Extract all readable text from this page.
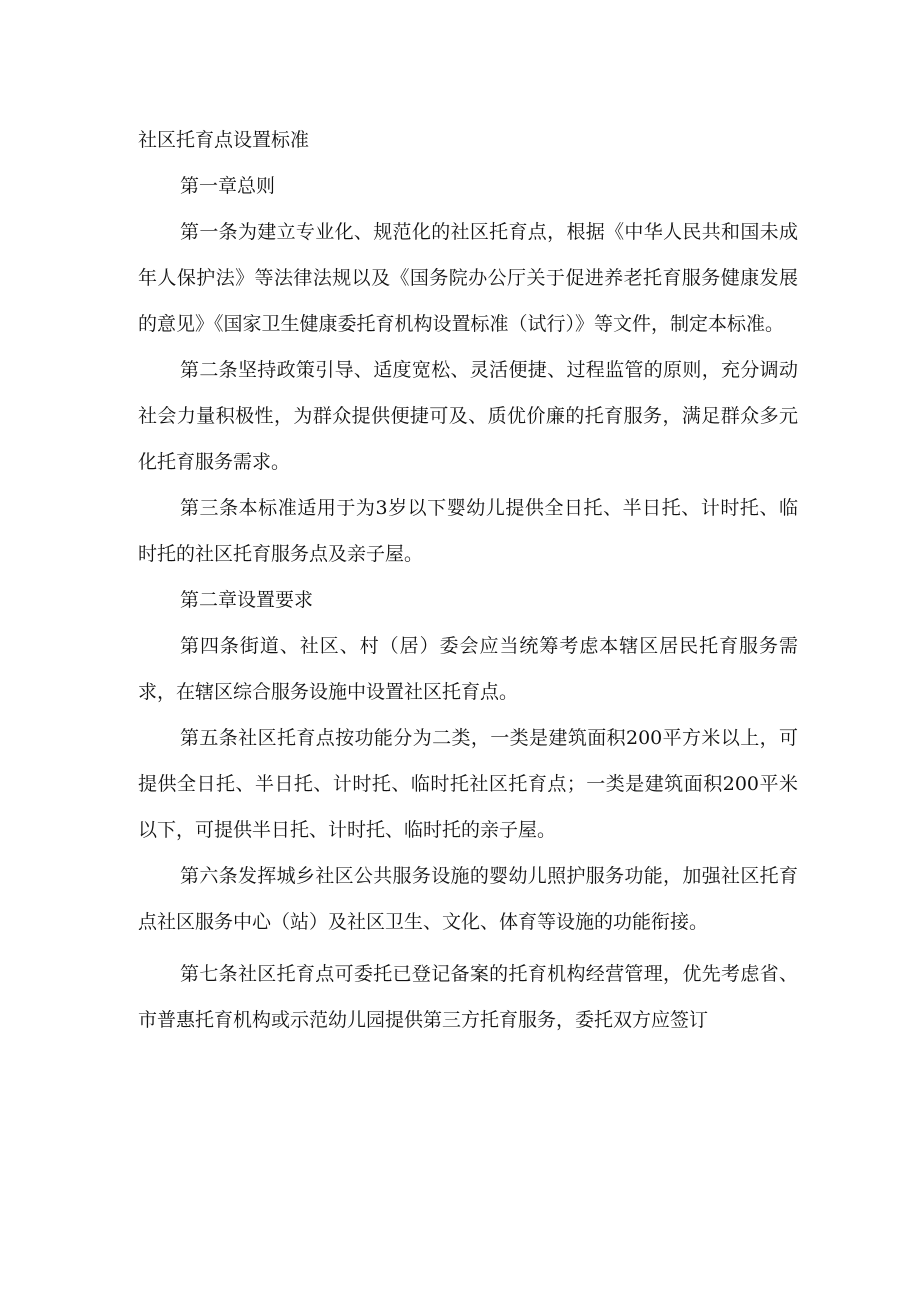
社区托育点设置标准

第一章总则

第一条为建立专业化、规范化的社区托育点，根据《中华人民共和国未成年人保护法》等法律法规以及《国务院办公厅关于促进养老托育服务健康发展的意见》《国家卫生健康委托育机构设置标准（试行）》等文件，制定本标准。

第二条坚持政策引导、适度宽松、灵活便捷、过程监管的原则，充分调动社会力量积极性，为群众提供便捷可及、质优价廉的托育服务，满足群众多元化托育服务需求。

第三条本标准适用于为3岁以下婴幼儿提供全日托、半日托、计时托、临时托的社区托育服务点及亲子屋。

第二章设置要求

第四条街道、社区、村（居）委会应当统筹考虑本辖区居民托育服务需求，在辖区综合服务设施中设置社区托育点。

第五条社区托育点按功能分为二类，一类是建筑面积200平方米以上，可提供全日托、半日托、计时托、临时托社区托育点；一类是建筑面积200平米以下，可提供半日托、计时托、临时托的亲子屋。

第六条发挥城乡社区公共服务设施的婴幼儿照护服务功能，加强社区托育点社区服务中心（站）及社区卫生、文化、体育等设施的功能衔接。

第七条社区托育点可委托已登记备案的托育机构经营管理，优先考虑省、市普惠托育机构或示范幼儿园提供第三方托育服务，委托双方应签订
